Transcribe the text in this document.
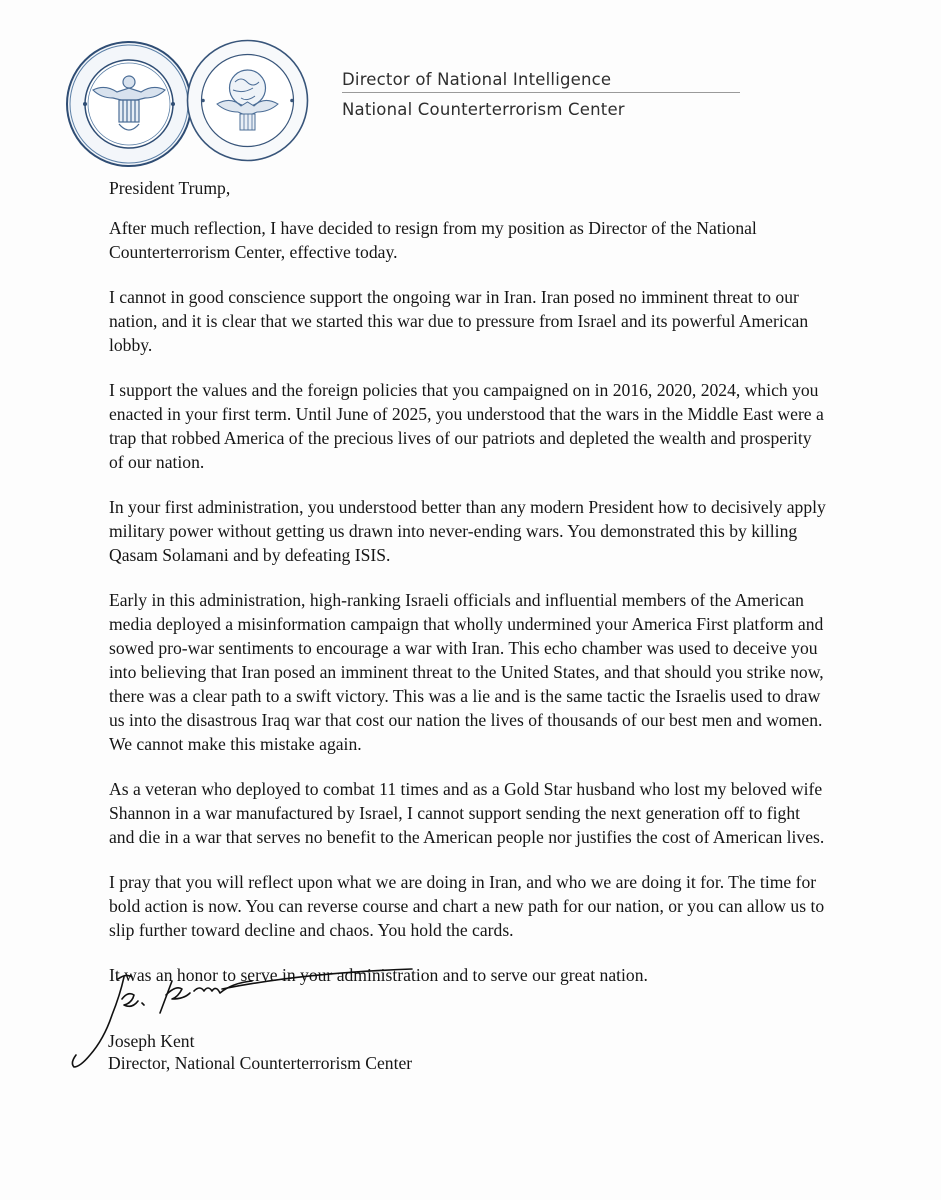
Director of National Intelligence
National Counterterrorism Center

President Trump,

After much reflection, I have decided to resign from my position as Director of the National Counterterrorism Center, effective today.

I cannot in good conscience support the ongoing war in Iran. Iran posed no imminent threat to our nation, and it is clear that we started this war due to pressure from Israel and its powerful American lobby.

I support the values and the foreign policies that you campaigned on in 2016, 2020, 2024, which you enacted in your first term. Until June of 2025, you understood that the wars in the Middle East were a trap that robbed America of the precious lives of our patriots and depleted the wealth and prosperity of our nation.

In your first administration, you understood better than any modern President how to decisively apply military power without getting us drawn into never-ending wars. You demonstrated this by killing Qasam Solamani and by defeating ISIS.

Early in this administration, high-ranking Israeli officials and influential members of the American media deployed a misinformation campaign that wholly undermined your America First platform and sowed pro-war sentiments to encourage a war with Iran. This echo chamber was used to deceive you into believing that Iran posed an imminent threat to the United States, and that should you strike now, there was a clear path to a swift victory. This was a lie and is the same tactic the Israelis used to draw us into the disastrous Iraq war that cost our nation the lives of thousands of our best men and women. We cannot make this mistake again.

As a veteran who deployed to combat 11 times and as a Gold Star husband who lost my beloved wife Shannon in a war manufactured by Israel, I cannot support sending the next generation off to fight and die in a war that serves no benefit to the American people nor justifies the cost of American lives.

I pray that you will reflect upon what we are doing in Iran, and who we are doing it for. The time for bold action is now. You can reverse course and chart a new path for our nation, or you can allow us to slip further toward decline and chaos. You hold the cards.

It was an honor to serve in your administration and to serve our great nation.

Joseph Kent
Director, National Counterterrorism Center
